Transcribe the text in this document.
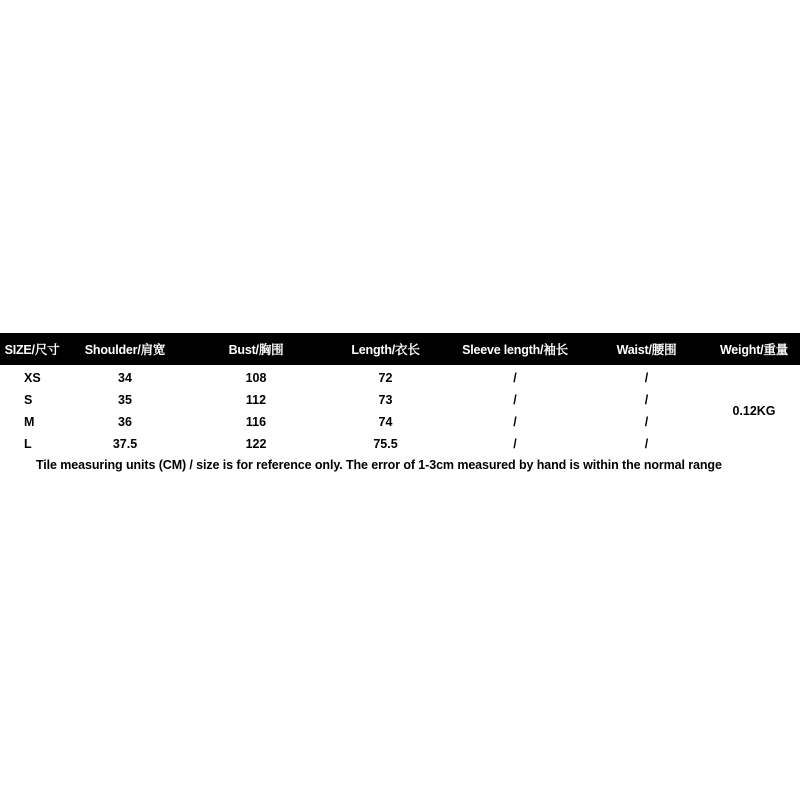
SIZE/尺寸	Shoulder/肩宽	Bust/胸围	Length/衣长	Sleeve length/袖长	Waist/腰围	Weight/重量
XS	34	108	72	/	/	0.12KG
S	35	112	73	/	/	
M	36	116	74	/	/	
L	37.5	122	75.5	/	/	
Tile measuring units (CM) / size is for reference only. The error of 1-3cm measured by hand is within the normal range
